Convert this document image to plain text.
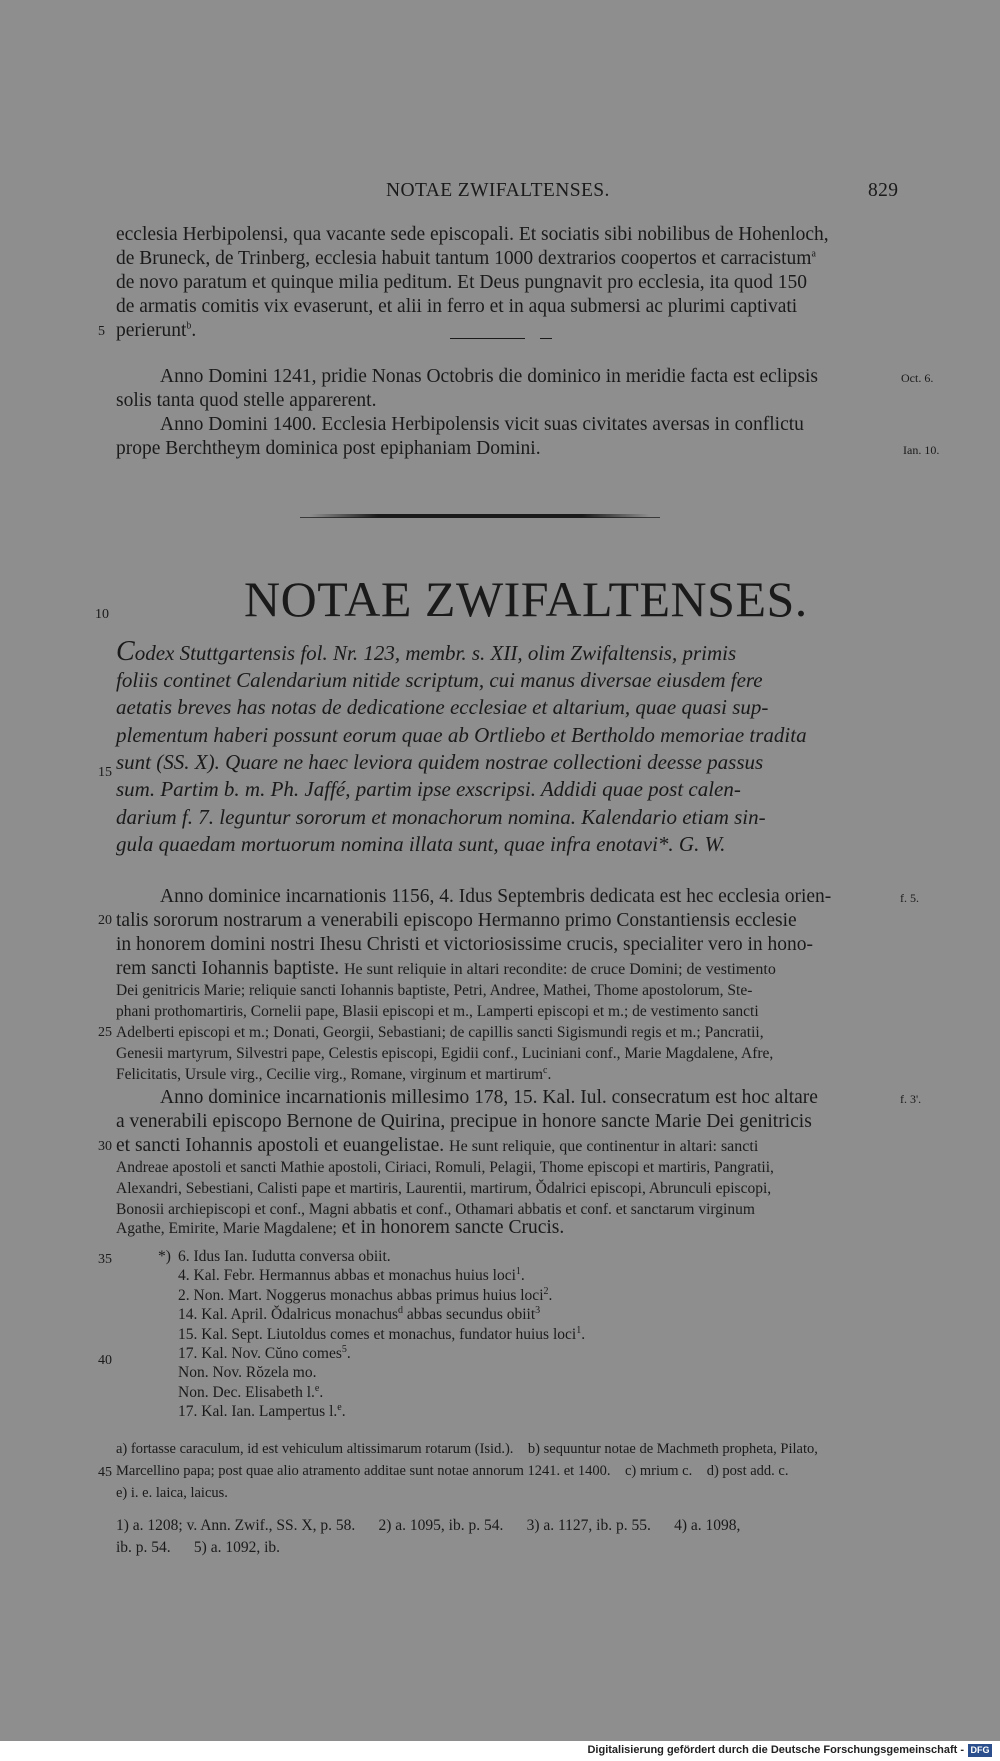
NOTAE ZWIFALTENSES.	829
ecclesia Herbipolensi, qua vacante sede episcopali. Et sociatis sibi nobilibus de Hohenloch,
de Bruneck, de Trinberg, ecclesia habuit tantum 1000 dextrarios coopertos et carracistum$^a$
de novo paratum et quinque milia peditum. Et Deus pungnavit pro ecclesia, ita quod 150
de armatis comitis vix evaserunt, et alii in ferro et in aqua submersi ac plurimi captivati
perierunt$^b$.
5
Anno Domini 1241, pridie Nonas Octobris die dominico in meridie facta est eclipsis	Oct. 6.
solis tanta quod stelle apparerent.
Anno Domini 1400. Ecclesia Herbipolensis vicit suas civitates aversas in conflictu
prope Berchtheym dominica post epiphaniam Domini.	Ian. 10.
10	NOTAE ZWIFALTENSES.
Codex Stuttgartensis fol. Nr. 123, membr. s. XII, olim Zwifaltensis, primis
foliis continet Calendarium nitide scriptum, cui manus diversae eiusdem fere
aetatis breves has notas de dedicatione ecclesiae et altarium, quae quasi sup-
plementum haberi possunt eorum quae ab Ortliebo et Bertholdo memoriae tradita
sunt (SS. X). Quare ne haec leviora quidem nostrae collectioni deesse passus
15
sum. Partim b. m. Ph. Jaffé, partim ipse exscripsi. Addidi quae post calen-
darium f. 7. leguntur sororum et monachorum nomina. Kalendario etiam sin-
gula quaedam mortuorum nomina illata sunt, quae infra enotavi*. G. W.
Anno dominice incarnationis 1156, 4. Idus Septembris dedicata est hec ecclesia orien-	f. 5.
20 talis sororum nostrarum a venerabili episcopo Hermanno primo Constantiensis ecclesie
in honorem domini nostri Ihesu Christi et victoriosissime crucis, specialiter vero in hono-
rem sancti Iohannis baptiste. He sunt reliquie in altari recondite: de cruce Domini; de vestimento
Dei genitricis Marie; reliquie sancti Iohannis baptiste, Petri, Andree, Mathei, Thome apostolorum, Ste-
phani prothomartiris, Cornelii pape, Blasii episcopi et m., Lamperti episcopi et m.; de vestimento sancti
25 Adelberti episcopi et m.; Donati, Georgii, Sebastiani; de capillis sancti Sigismundi regis et m.; Pancratii,
Genesii martyrum, Silvestri pape, Celestis episcopi, Egidii conf., Luciniani conf., Marie Magdalene, Afre,
Felicitatis, Ursule virg., Cecilie virg., Romane, virginum et martirum$^c$.
Anno dominice incarnationis millesimo 178, 15. Kal. Iul. consecratum est hoc altare	f. 3'.
a venerabili episcopo Bernone de Quirina, precipue in honore sancte Marie Dei genitricis
30 et sancti Iohannis apostoli et euangelistae. He sunt reliquie, que continentur in altari: sancti
Andreae apostoli et sancti Mathie apostoli, Ciriaci, Romuli, Pelagii, Thome episcopi et martiris, Pangratii,
Alexandri, Sebestiani, Calisti pape et martiris, Laurentii, martirum, Ŏdalrici episcopi, Abrunculi episcopi,
Bonosii archiepiscopi et conf., Magni abbatis et conf., Othamari abbatis et conf. et sanctarum virginum
Agathe, Emirite, Marie Magdalene; et in honorem sancte Crucis.
35	*) 6. Idus Ian. Iudutta conversa obiit.
4. Kal. Febr. Hermannus abbas et monachus huius loci$^1$.
2. Non. Mart. Noggerus monachus abbas primus huius loci$^2$.
14. Kal. April. Ŏdalricus monachus$^d$ abbas secundus obiit$^3$
15. Kal. Sept. Liutoldus comes et monachus, fundator huius loci$^1$.
17. Kal. Nov. Cŭno comes$^5$.
Non. Nov. Rŏzela mo.
Non. Dec. Elisabeth l.$^e$.
17. Kal. Ian. Lampertus l.$^e$.
40
a) fortasse caraculum, id est vehiculum altissimarum rotarum (Isid.). b) sequuntur notae de Machmeth propheta, Pilato,
45 Marcellino papa; post quae alio atramento additae sunt notae annorum 1241. et 1400. c) mrium c. d) post add. c.
e) i. e. laica, laicus.
1) a. 1208; v. Ann. Zwif., SS. X, p. 58.      2) a. 1095, ib. p. 54.      3) a. 1127, ib. p. 55.      4) a. 1098,
ib. p. 54.      5) a. 1092, ib.
Digitalisierung gefördert durch die Deutsche Forschungsgemeinschaft - DFG
